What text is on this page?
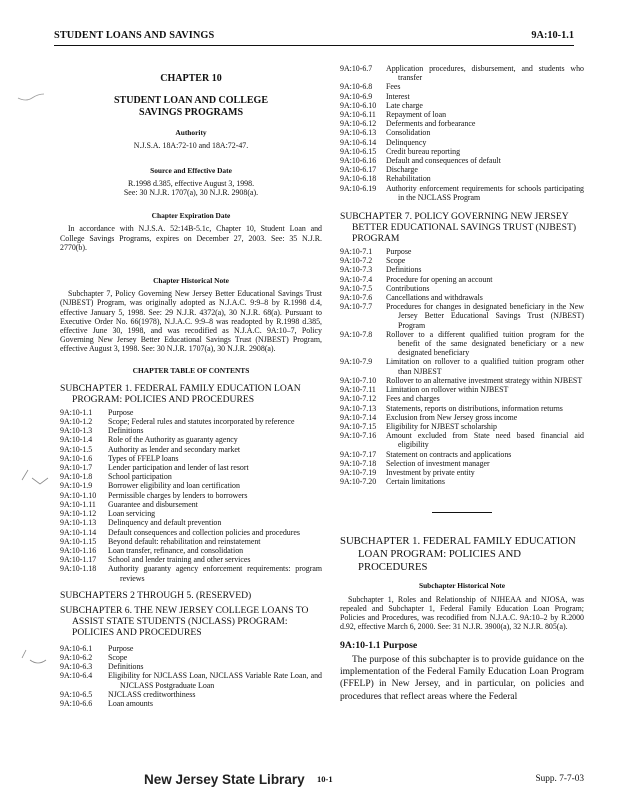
STUDENT LOANS AND SAVINGS	9A:10-1.1
CHAPTER 10
STUDENT LOAN AND COLLEGE
SAVINGS PROGRAMS
Authority
N.J.S.A. 18A:72-10 and 18A:72-47.
Source and Effective Date
R.1998 d.385, effective August 3, 1998.
See: 30 N.J.R. 1707(a), 30 N.J.R. 2908(a).
Chapter Expiration Date
In accordance with N.J.S.A. 52:14B-5.1c, Chapter 10, Student Loan and College Savings Programs, expires on December 27, 2003. See: 35 N.J.R. 2770(b).
Chapter Historical Note
Subchapter 7, Policy Governing New Jersey Better Educational Savings Trust (NJBEST) Program, was originally adopted as N.J.A.C. 9:9–8 by R.1998 d.4, effective January 5, 1998. See: 29 N.J.R. 4372(a), 30 N.J.R. 68(a). Pursuant to Executive Order No. 66(1978), N.J.A.C. 9:9–8 was readopted by R.1998 d.385, effective June 30, 1998, and was recodified as N.J.A.C. 9A:10–7, Policy Governing New Jersey Better Educational Savings Trust (NJBEST) Program, effective August 3, 1998. See: 30 N.J.R. 1707(a), 30 N.J.R. 2908(a).
CHAPTER TABLE OF CONTENTS
SUBCHAPTER 1. FEDERAL FAMILY EDUCATION LOAN PROGRAM: POLICIES AND PROCEDURES
9A:10-1.1	Purpose
9A:10-1.2	Scope; Federal rules and statutes incorporated by reference
9A:10-1.3	Definitions
9A:10-1.4	Role of the Authority as guaranty agency
9A:10-1.5	Authority as lender and secondary market
9A:10-1.6	Types of FFELP loans
9A:10-1.7	Lender participation and lender of last resort
9A:10-1.8	School participation
9A:10-1.9	Borrower eligibility and loan certification
9A:10-1.10	Permissible charges by lenders to borrowers
9A:10-1.11	Guarantee and disbursement
9A:10-1.12	Loan servicing
9A:10-1.13	Delinquency and default prevention
9A:10-1.14	Default consequences and collection policies and procedures
9A:10-1.15	Beyond default: rehabilitation and reinstatement
9A:10-1.16	Loan transfer, refinance, and consolidation
9A:10-1.17	School and lender training and other services
9A:10-1.18	Authority guaranty agency enforcement requirements: program reviews
SUBCHAPTERS 2 THROUGH 5. (RESERVED)
SUBCHAPTER 6. THE NEW JERSEY COLLEGE LOANS TO ASSIST STATE STUDENTS (NJCLASS) PROGRAM: POLICIES AND PROCEDURES
9A:10-6.1	Purpose
9A:10-6.2	Scope
9A:10-6.3	Definitions
9A:10-6.4	Eligibility for NJCLASS Loan, NJCLASS Variable Rate Loan, and NJCLASS Postgraduate Loan
9A:10-6.5	NJCLASS creditworthiness
9A:10-6.6	Loan amounts
9A:10-6.7	Application procedures, disbursement, and students who transfer
9A:10-6.8	Fees
9A:10-6.9	Interest
9A:10-6.10	Late charge
9A:10-6.11	Repayment of loan
9A:10-6.12	Deferments and forbearance
9A:10-6.13	Consolidation
9A:10-6.14	Delinquency
9A:10-6.15	Credit bureau reporting
9A:10-6.16	Default and consequences of default
9A:10-6.17	Discharge
9A:10-6.18	Rehabilitation
9A:10-6.19	Authority enforcement requirements for schools participating in the NJCLASS Program
SUBCHAPTER 7. POLICY GOVERNING NEW JERSEY BETTER EDUCATIONAL SAVINGS TRUST (NJBEST) PROGRAM
9A:10-7.1	Purpose
9A:10-7.2	Scope
9A:10-7.3	Definitions
9A:10-7.4	Procedure for opening an account
9A:10-7.5	Contributions
9A:10-7.6	Cancellations and withdrawals
9A:10-7.7	Procedures for changes in designated beneficiary in the New Jersey Better Educational Savings Trust (NJBEST) Program
9A:10-7.8	Rollover to a different qualified tuition program for the benefit of the same designated beneficiary or a new designated beneficiary
9A:10-7.9	Limitation on rollover to a qualified tuition program other than NJBEST
9A:10-7.10	Rollover to an alternative investment strategy within NJBEST
9A:10-7.11	Limitation on rollover within NJBEST
9A:10-7.12	Fees and charges
9A:10-7.13	Statements, reports on distributions, information returns
9A:10-7.14	Exclusion from New Jersey gross income
9A:10-7.15	Eligibility for NJBEST scholarship
9A:10-7.16	Amount excluded from State need based financial aid eligibility
9A:10-7.17	Statement on contracts and applications
9A:10-7.18	Selection of investment manager
9A:10-7.19	Investment by private entity
9A:10-7.20	Certain limitations
SUBCHAPTER 1. FEDERAL FAMILY EDUCATION LOAN PROGRAM: POLICIES AND PROCEDURES
Subchapter Historical Note
Subchapter 1, Roles and Relationship of NJHEAA and NJOSA, was repealed and Subchapter 1, Federal Family Education Loan Program; Policies and Procedures, was recodified from N.J.A.C. 9A:10–2 by R.2000 d.92, effective March 6, 2000. See: 31 N.J.R. 3900(a), 32 N.J.R. 805(a).
9A:10-1.1 Purpose
The purpose of this subchapter is to provide guidance on the implementation of the Federal Family Education Loan Program (FFELP) in New Jersey, and in particular, on policies and procedures that reflect areas where the Federal
New Jersey State Library 10-1	Supp. 7-7-03
